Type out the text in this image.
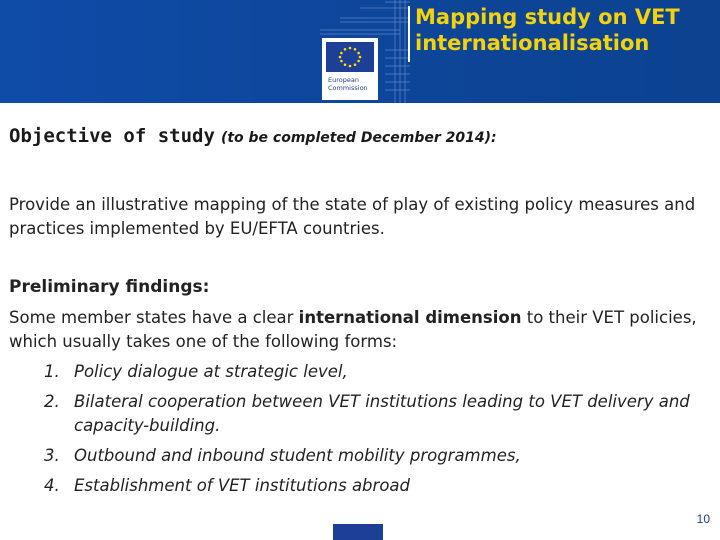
European
Commission
Mapping study on VET
internationalisation
Objective of study (to be completed December 2014):

Provide an illustrative mapping of the state of play of existing policy measures and practices implemented by EU/EFTA countries.

Preliminary findings:

Some member states have a clear international dimension to their VET policies, which usually takes one of the following forms:

1. Policy dialogue at strategic level,
2. Bilateral cooperation between VET institutions leading to VET delivery and capacity-building.
3. Outbound and inbound student mobility programmes,
4. Establishment of VET institutions abroad
10
